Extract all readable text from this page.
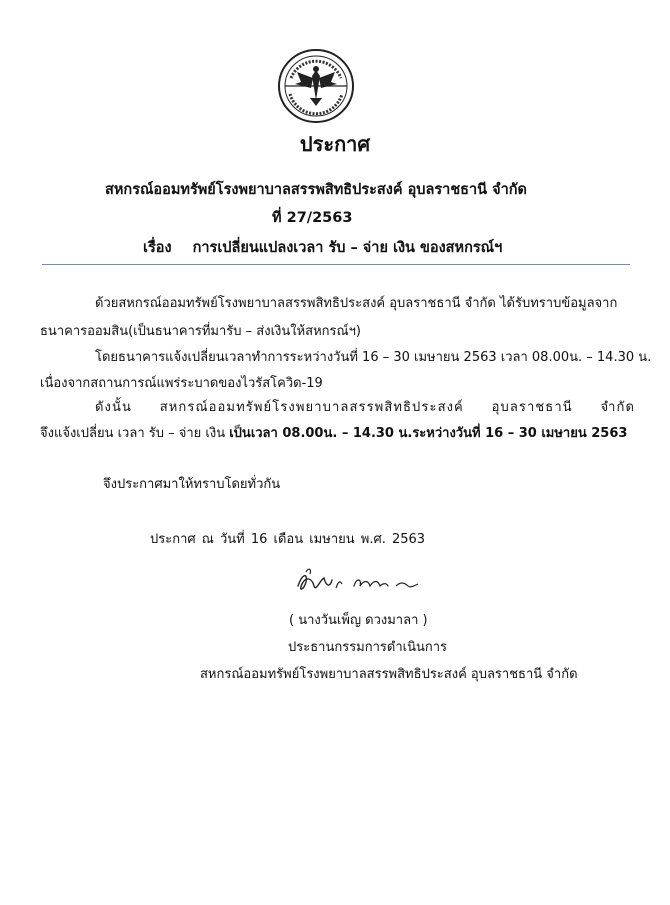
ประกาศ
สหกรณ์ออมทรัพย์โรงพยาบาลสรรพสิทธิประสงค์ อุบลราชธานี จำกัด
ที่ 27/2563
เรื่อง การเปลี่ยนแปลงเวลา รับ – จ่าย เงิน ของสหกรณ์ฯ
ด้วยสหกรณ์ออมทรัพย์โรงพยาบาลสรรพสิทธิประสงค์ อุบลราชธานี จำกัด ได้รับทราบข้อมูลจาก
ธนาคารออมสิน(เป็นธนาคารที่มารับ – ส่งเงินให้สหกรณ์ฯ)
โดยธนาคารแจ้งเปลี่ยนเวลาทำการระหว่างวันที่ 16 – 30 เมษายน 2563 เวลา 08.00น. – 14.30 น.
เนื่องจากสถานการณ์แพร่ระบาดของไวรัสโควิด-19
ดังนั้น สหกรณ์ออมทรัพย์โรงพยาบาลสรรพสิทธิประสงค์ อุบลราชธานี จำกัด
จึงแจ้งเปลี่ยน เวลา รับ – จ่าย เงิน เป็นเวลา 08.00น. – 14.30 น.ระหว่างวันที่ 16 – 30 เมษายน 2563
จึงประกาศมาให้ทราบโดยทั่วกัน
ประกาศ ณ วันที่ 16 เดือน เมษายน พ.ศ. 2563
( นางวันเพ็ญ ดวงมาลา )
ประธานกรรมการดำเนินการ
สหกรณ์ออมทรัพย์โรงพยาบาลสรรพสิทธิประสงค์ อุบลราชธานี จำกัด
